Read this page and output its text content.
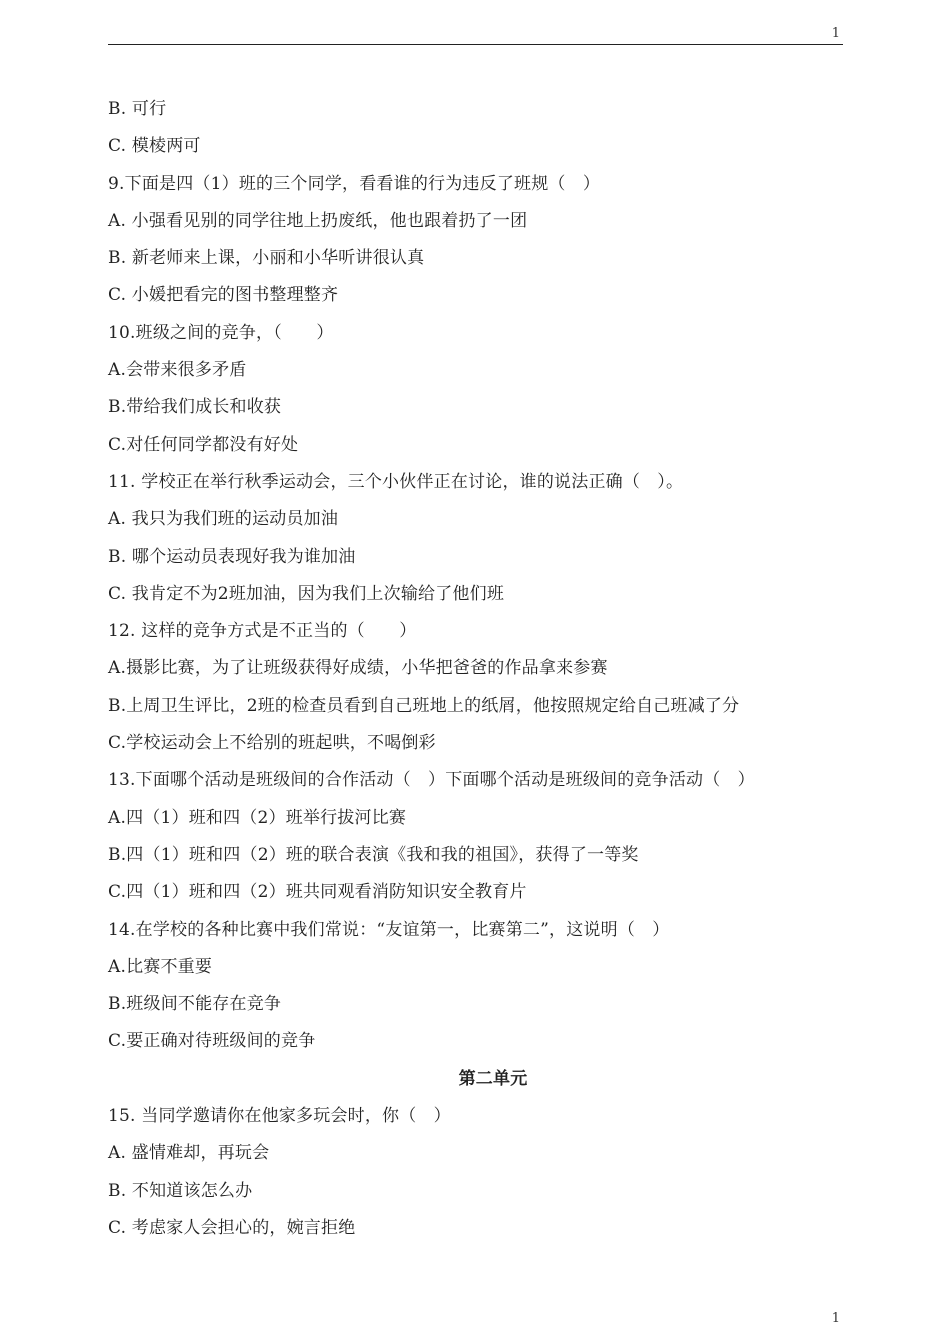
1
B. 可行
C. 模棱两可
9.下面是四（1）班的三个同学，看看谁的行为违反了班规（　）
A. 小强看见别的同学往地上扔废纸，他也跟着扔了一团
B. 新老师来上课，小丽和小华听讲很认真
C. 小媛把看完的图书整理整齐
10.班级之间的竞争，（　　）
A.会带来很多矛盾
B.带给我们成长和收获
C.对任何同学都没有好处
11. 学校正在举行秋季运动会，三个小伙伴正在讨论，谁的说法正确（　）。
A. 我只为我们班的运动员加油
B. 哪个运动员表现好我为谁加油
C. 我肯定不为2班加油，因为我们上次输给了他们班
12. 这样的竞争方式是不正当的（　　）
A.摄影比赛，为了让班级获得好成绩，小华把爸爸的作品拿来参赛
B.上周卫生评比，2班的检查员看到自己班地上的纸屑，他按照规定给自己班减了分
C.学校运动会上不给别的班起哄，不喝倒彩
13.下面哪个活动是班级间的合作活动（　）下面哪个活动是班级间的竞争活动（　）
A.四（1）班和四（2）班举行拔河比赛
B.四（1）班和四（2）班的联合表演《我和我的祖国》，获得了一等奖
C.四（1）班和四（2）班共同观看消防知识安全教育片
14.在学校的各种比赛中我们常说：“友谊第一，比赛第二”，这说明（　）
A.比赛不重要
B.班级间不能存在竞争
C.要正确对待班级间的竞争
第二单元
15. 当同学邀请你在他家多玩会时，你（　）
A. 盛情难却，再玩会
B. 不知道该怎么办
C. 考虑家人会担心的，婉言拒绝
1
